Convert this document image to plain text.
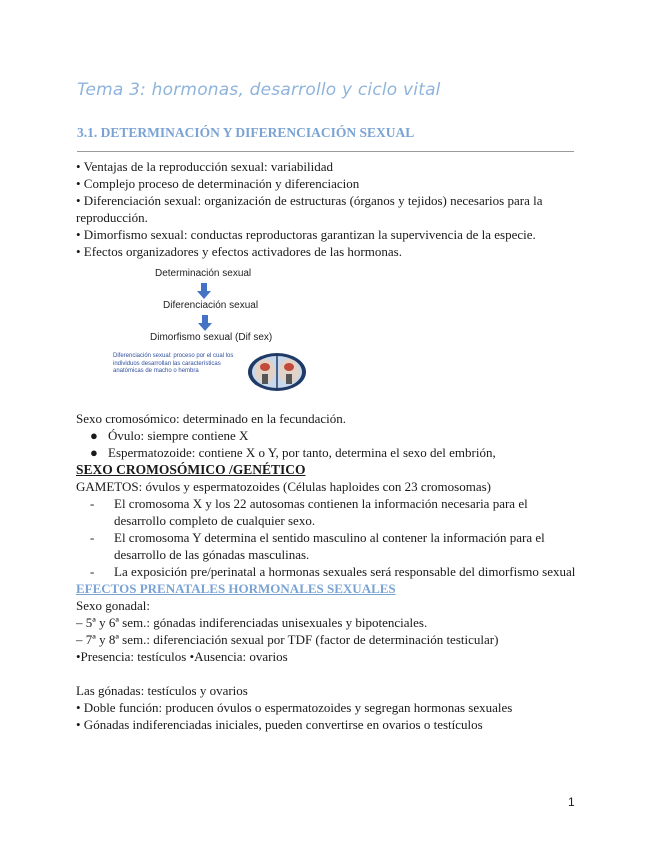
Tema 3: hormonas, desarrollo y ciclo vital
3.1. DETERMINACIÓN Y DIFERENCIACIÓN SEXUAL
• Ventajas de la reproducción sexual: variabilidad
• Complejo proceso de determinación y diferenciacion
• Diferenciación sexual: organización de estructuras (órganos y tejidos) necesarios para la reproducción.
• Dimorfismo sexual: conductas reproductoras garantizan la supervivencia de la especie.
• Efectos organizadores y efectos activadores de las hormonas.
Determinación sexual
Diferenciación sexual
Dimorfismo sexual (Dif sex)
Diferenciación sexual: proceso por el cual los individuos desarrollan las características anatómicas de macho o hembra
Sexo cromosómico: determinado en la fecundación.
● Óvulo: siempre contiene X
● Espermatozoide: contiene X o Y, por tanto, determina el sexo del embrión,
SEXO CROMOSÓMICO /GENÉTICO
GAMETOS: óvulos y espermatozoides (Células haploides con 23 cromosomas)
- El cromosoma X y los 22 autosomas contienen la información necesaria para el
desarrollo completo de cualquier sexo.
- El cromosoma Y determina el sentido masculino al contener la información para el
desarrollo de las gónadas masculinas.
- La exposición pre/perinatal a hormonas sexuales será responsable del dimorfismo sexual
EFECTOS PRENATALES HORMONALES SEXUALES
Sexo gonadal:
– 5ª y 6ª sem.: gónadas indiferenciadas unisexuales y bipotenciales.
– 7ª y 8ª sem.: diferenciación sexual por TDF (factor de determinación testicular)
•Presencia: testículos •Ausencia: ovarios
Las gónadas: testículos y ovarios
• Doble función: producen óvulos o espermatozoides y segregan hormonas sexuales
• Gónadas indiferenciadas iniciales, pueden convertirse en ovarios o testículos
1
